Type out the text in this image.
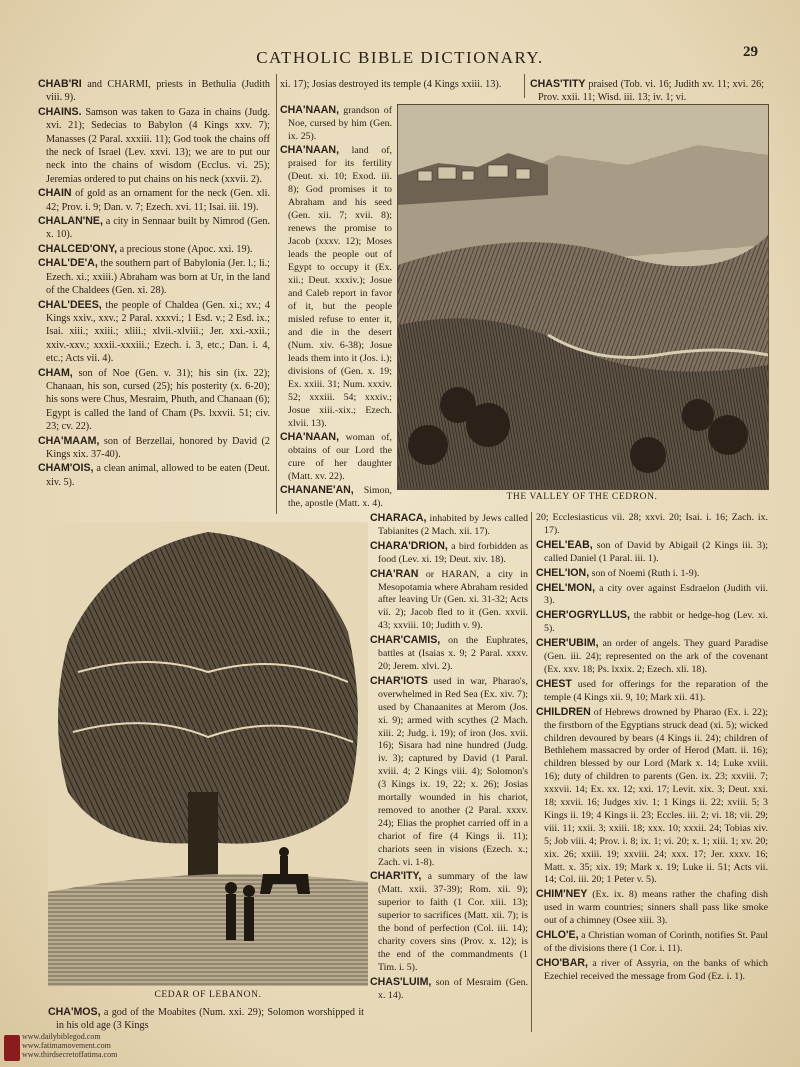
CATHOLIC BIBLE DICTIONARY.	29

CHAB'RI and CHARMI, priests in Bethulia (Judith viii. 9).

CHAINS. Samson was taken to Gaza in chains (Judg. xvi. 21); Sedecias to Babylon (4 Kings xxv. 7); Manasses (2 Paral. xxxiii. 11); God took the chains off the neck of Israel (Lev. xxvi. 13); we are to put our neck into the chains of wisdom (Ecclus. vi. 25); Jeremias ordered to put chains on his neck (xxvii. 2).

CHAIN of gold as an ornament for the neck (Gen. xli. 42; Prov. i. 9; Dan. v. 7; Ezech. xvi. 11; Isai. iii. 19).

CHALAN'NE, a city in Sennaar built by Nimrod (Gen. x. 10).

CHALCED'ONY, a precious stone (Apoc. xxi. 19).

CHAL'DE'A, the southern part of Babylonia (Jer. l.; li.; Ezech. xi.; xxiii.) Abraham was born at Ur, in the land of the Chaldees (Gen. xi. 28).

CHAL'DEES, the people of Chaldea (Gen. xi.; xv.; 4 Kings xxiv., xxv.; 2 Paral. xxxvi.; 1 Esd. v.; 2 Esd. ix.; Isai. xiii.; xxiii.; xliii.; xlvii.-xlviii.; Jer. xxi.-xxii.; xxiv.-xxv.; xxxii.-xxxiii.; Ezech. i. 3, etc.; Dan. i. 4, etc.; Acts vii. 4).

CHAM, son of Noe (Gen. v. 31); his sin (ix. 22); Chanaan, his son, cursed (25); his posterity (x. 6-20); his sons were Chus, Mesraim, Phuth, and Chanaan (6); Egypt is called the land of Cham (Ps. lxxvii. 51; civ. 23; cv. 22).

CHA'MAAM, son of Berzellai, honored by David (2 Kings xix. 37-40).

CHAM'OIS, a clean animal, allowed to be eaten (Deut. xiv. 5).

xi. 17); Josias destroyed its temple (4 Kings xxiii. 13).

CHA'NAAN, grandson of Noe, cursed by him (Gen. ix. 25).

CHA'NAAN, land of, praised for its fertility (Deut. xi. 10; Exod. iii. 8); God promises it to Abraham and his seed (Gen. xii. 7; xvii. 8); renews the promise to Jacob (xxxv. 12); Moses leads the people out of Egypt to occupy it (Ex. xii.; Deut. xxxiv.); Josue and Caleb report in favor of it, but the people misled refuse to enter it, and die in the desert (Num. xiv. 6-38); Josue leads them into it (Jos. i.); divisions of (Gen. x. 19; Ex. xxiii. 31; Num. xxxiv. 52; xxxiii. 54; xxxiv.; Josue xiii.-xix.; Ezech. xlvii. 13).

CHA'NAAN, woman of, obtains of our Lord the cure of her daughter (Matt. xv. 22).

CHANANE'AN, Simon, the, apostle (Matt. x. 4).

CHAS'TITY praised (Tob. vi. 16; Judith xv. 11; xvi. 26; Prov. xxii. 11; Wisd. iii. 13; iv. 1; vi.

THE VALLEY OF THE CEDRON.
CEDAR OF LEBANON.

CHARACA, inhabited by Jews called Tabianites (2 Mach. xii. 17).

CHARA'DRION, a bird forbidden as food (Lev. xi. 19; Deut. xiv. 18).

CHA'RAN or HARAN, a city in Mesopotamia where Abraham resided after leaving Ur (Gen. xi. 31-32; Acts vii. 2); Jacob fled to it (Gen. xxvii. 43; xxviii. 10; Judith v. 9).

CHAR'CAMIS, on the Euphrates, battles at (Isaias x. 9; 2 Paral. xxxv. 20; Jerem. xlvi. 2).

CHAR'IOTS used in war, Pharao's, overwhelmed in Red Sea (Ex. xiv. 7); used by Chanaanites at Merom (Jos. xi. 9); armed with scythes (2 Mach. xiii. 2; Judg. i. 19); of iron (Jos. xvii. 16); Sisara had nine hundred (Judg. iv. 3); captured by David (1 Paral. xviii. 4; 2 Kings viii. 4); Solomon's (3 Kings ix. 19, 22; x. 26); Josias mortally wounded in his chariot, removed to another (2 Paral. xxxv. 24); Elias the prophet carried off in a chariot of fire (4 Kings ii. 11); chariots seen in visions (Ezech. x.; Zach. vi. 1-8).

CHAR'ITY, a summary of the law (Matt. xxii. 37-39); Rom. xii. 9); superior to faith (1 Cor. xiii. 13); superior to sacrifices (Matt. xii. 7); is the bond of perfection (Col. iii. 14); charity covers sins (Prov. x. 12); is the end of the commandments (1 Tim. i. 5).

CHAS'LUIM, son of Mesraim (Gen. x. 14).

20; Ecclesiasticus vii. 28; xxvi. 20; Isai. i. 16; Zach. ix. 17).

CHEL'EAB, son of David by Abigail (2 Kings iii. 3); called Daniel (1 Paral. iii. 1).

CHEL'ION, son of Noemi (Ruth i. 1-9).

CHEL'MON, a city over against Esdraelon (Judith vii. 3).

CHER'OGRYLLUS, the rabbit or hedge-hog (Lev. xi. 5).

CHER'UBIM, an order of angels. They guard Paradise (Gen. iii. 24); represented on the ark of the covenant (Ex. xxv. 18; Ps. lxxix. 2; Ezech. xli. 18).

CHEST used for offerings for the reparation of the temple (4 Kings xii. 9, 10; Mark xii. 41).

CHILDREN of Hebrews drowned by Pharao (Ex. i. 22); the firstborn of the Egyptians struck dead (xi. 5); wicked children devoured by bears (4 Kings ii. 24); children of Bethlehem massacred by order of Herod (Matt. ii. 16); children blessed by our Lord (Mark x. 14; Luke xviii. 16); duty of children to parents (Gen. ix. 23; xxviii. 7; xxxvii. 14; Ex. xx. 12; xxi. 17; Levit. xix. 3; Deut. xxi. 18; xxvii. 16; Judges xiv. 1; 1 Kings ii. 22; xviii. 5; 3 Kings ii. 19; 4 Kings ii. 23; Eccles. iii. 2; vi. 18; vii. 29; viii. 11; xxii. 3; xxiii. 18; xxx. 10; xxxii. 24; Tobias xiv. 5; Job viii. 4; Prov. i. 8; ix. 1; vi. 20; x. 1; xiii. 1; xv. 20; xix. 26; xxiii. 19; xxviii. 24; xxx. 17; Jer. xxxv. 16; Matt. x. 35; xix. 19; Mark x. 19; Luke ii. 51; Acts vii. 14; Col. iii. 20; 1 Peter v. 5).

CHIM'NEY (Ex. ix. 8) means rather the chafing dish used in warm countries; sinners shall pass like smoke out of a chimney (Osee xiii. 3).

CHLO'E, a Christian woman of Corinth, notifies St. Paul of the divisions there (1 Cor. i. 11).

CHO'BAR, a river of Assyria, on the banks of which Ezechiel received the message from God (Ez. i. 1).

CHA'MOS, a god of the Moabites (Num. xxi. 29); Solomon worshipped it in his old age (3 Kings

www.dailybiblegod.com
www.fatimamovement.com
www.thirdsecretoffatima.com
